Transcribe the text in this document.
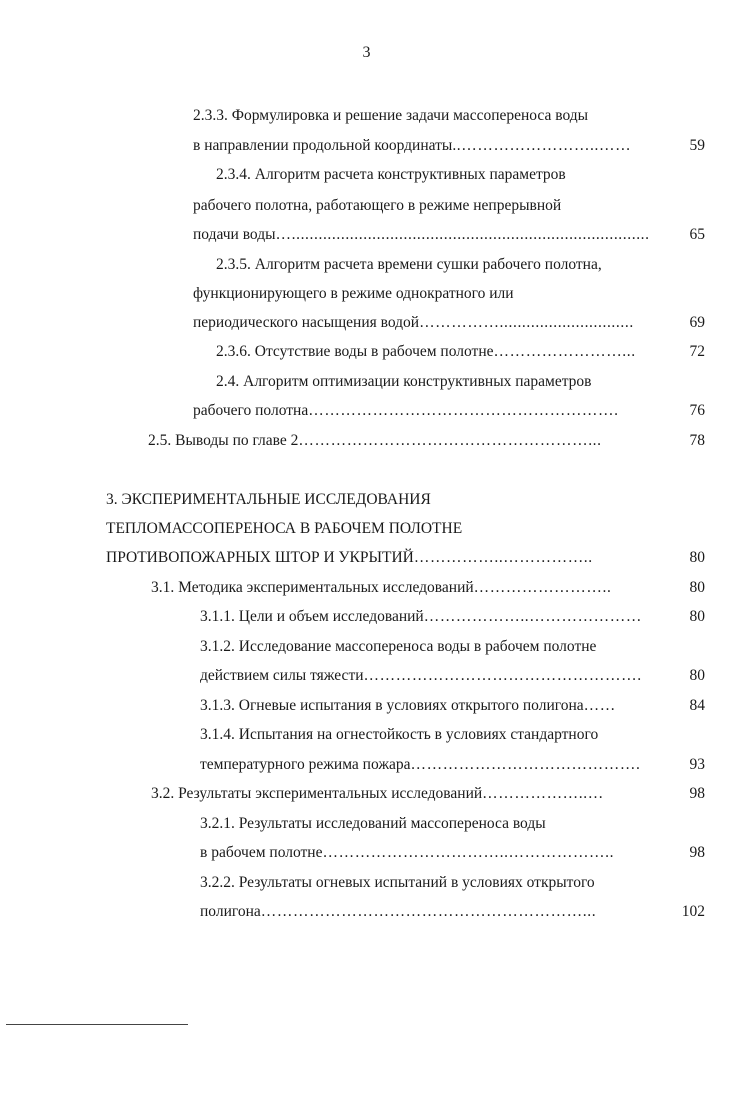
3
2.3.3. Формулировка и решение задачи массопереноса воды
в направлении продольной координаты ..……………………..……	59
2.3.4. Алгоритм расчета конструктивных параметров
рабочего полотна, работающего в режиме непрерывной
подачи воды …................................................................................	65
2.3.5. Алгоритм расчета времени сушки рабочего полотна,
функционирующего в режиме однократного или
периодического насыщения водой ……………..............................	69
2.3.6. Отсутствие воды в рабочем полотне ……………………...	72
2.4. Алгоритм оптимизации конструктивных параметров
рабочего полотна ………………………………………………….	76
2.5. Выводы по главе 2 ………………………………………………...	78
3. ЭКСПЕРИМЕНТАЛЬНЫЕ ИССЛЕДОВАНИЯ
ТЕПЛОМАССОПЕРЕНОСА В РАБОЧЕМ ПОЛОТНЕ
ПРОТИВОПОЖАРНЫХ ШТОР И УКРЫТИЙ ……………..……………..	80
3.1. Методика экспериментальных исследований ……………………..	80
3.1.1. Цели и объем исследований ………………..…………………	80
3.1.2. Исследование массопереноса воды в рабочем полотне
действием силы тяжести …………………………………………….	80
3.1.3. Огневые испытания в условиях открытого полигона ……	84
3.1.4. Испытания на огнестойкость в условиях стандартного
температурного режима пожара …………………………………….	93
3.2. Результаты экспериментальных исследований ………………..…	98
3.2.1. Результаты исследований массопереноса воды
в рабочем полотне ……………………………..………………..	98
3.2.2. Результаты огневых испытаний в условиях открытого
полигона ……………………………………………………...	102
